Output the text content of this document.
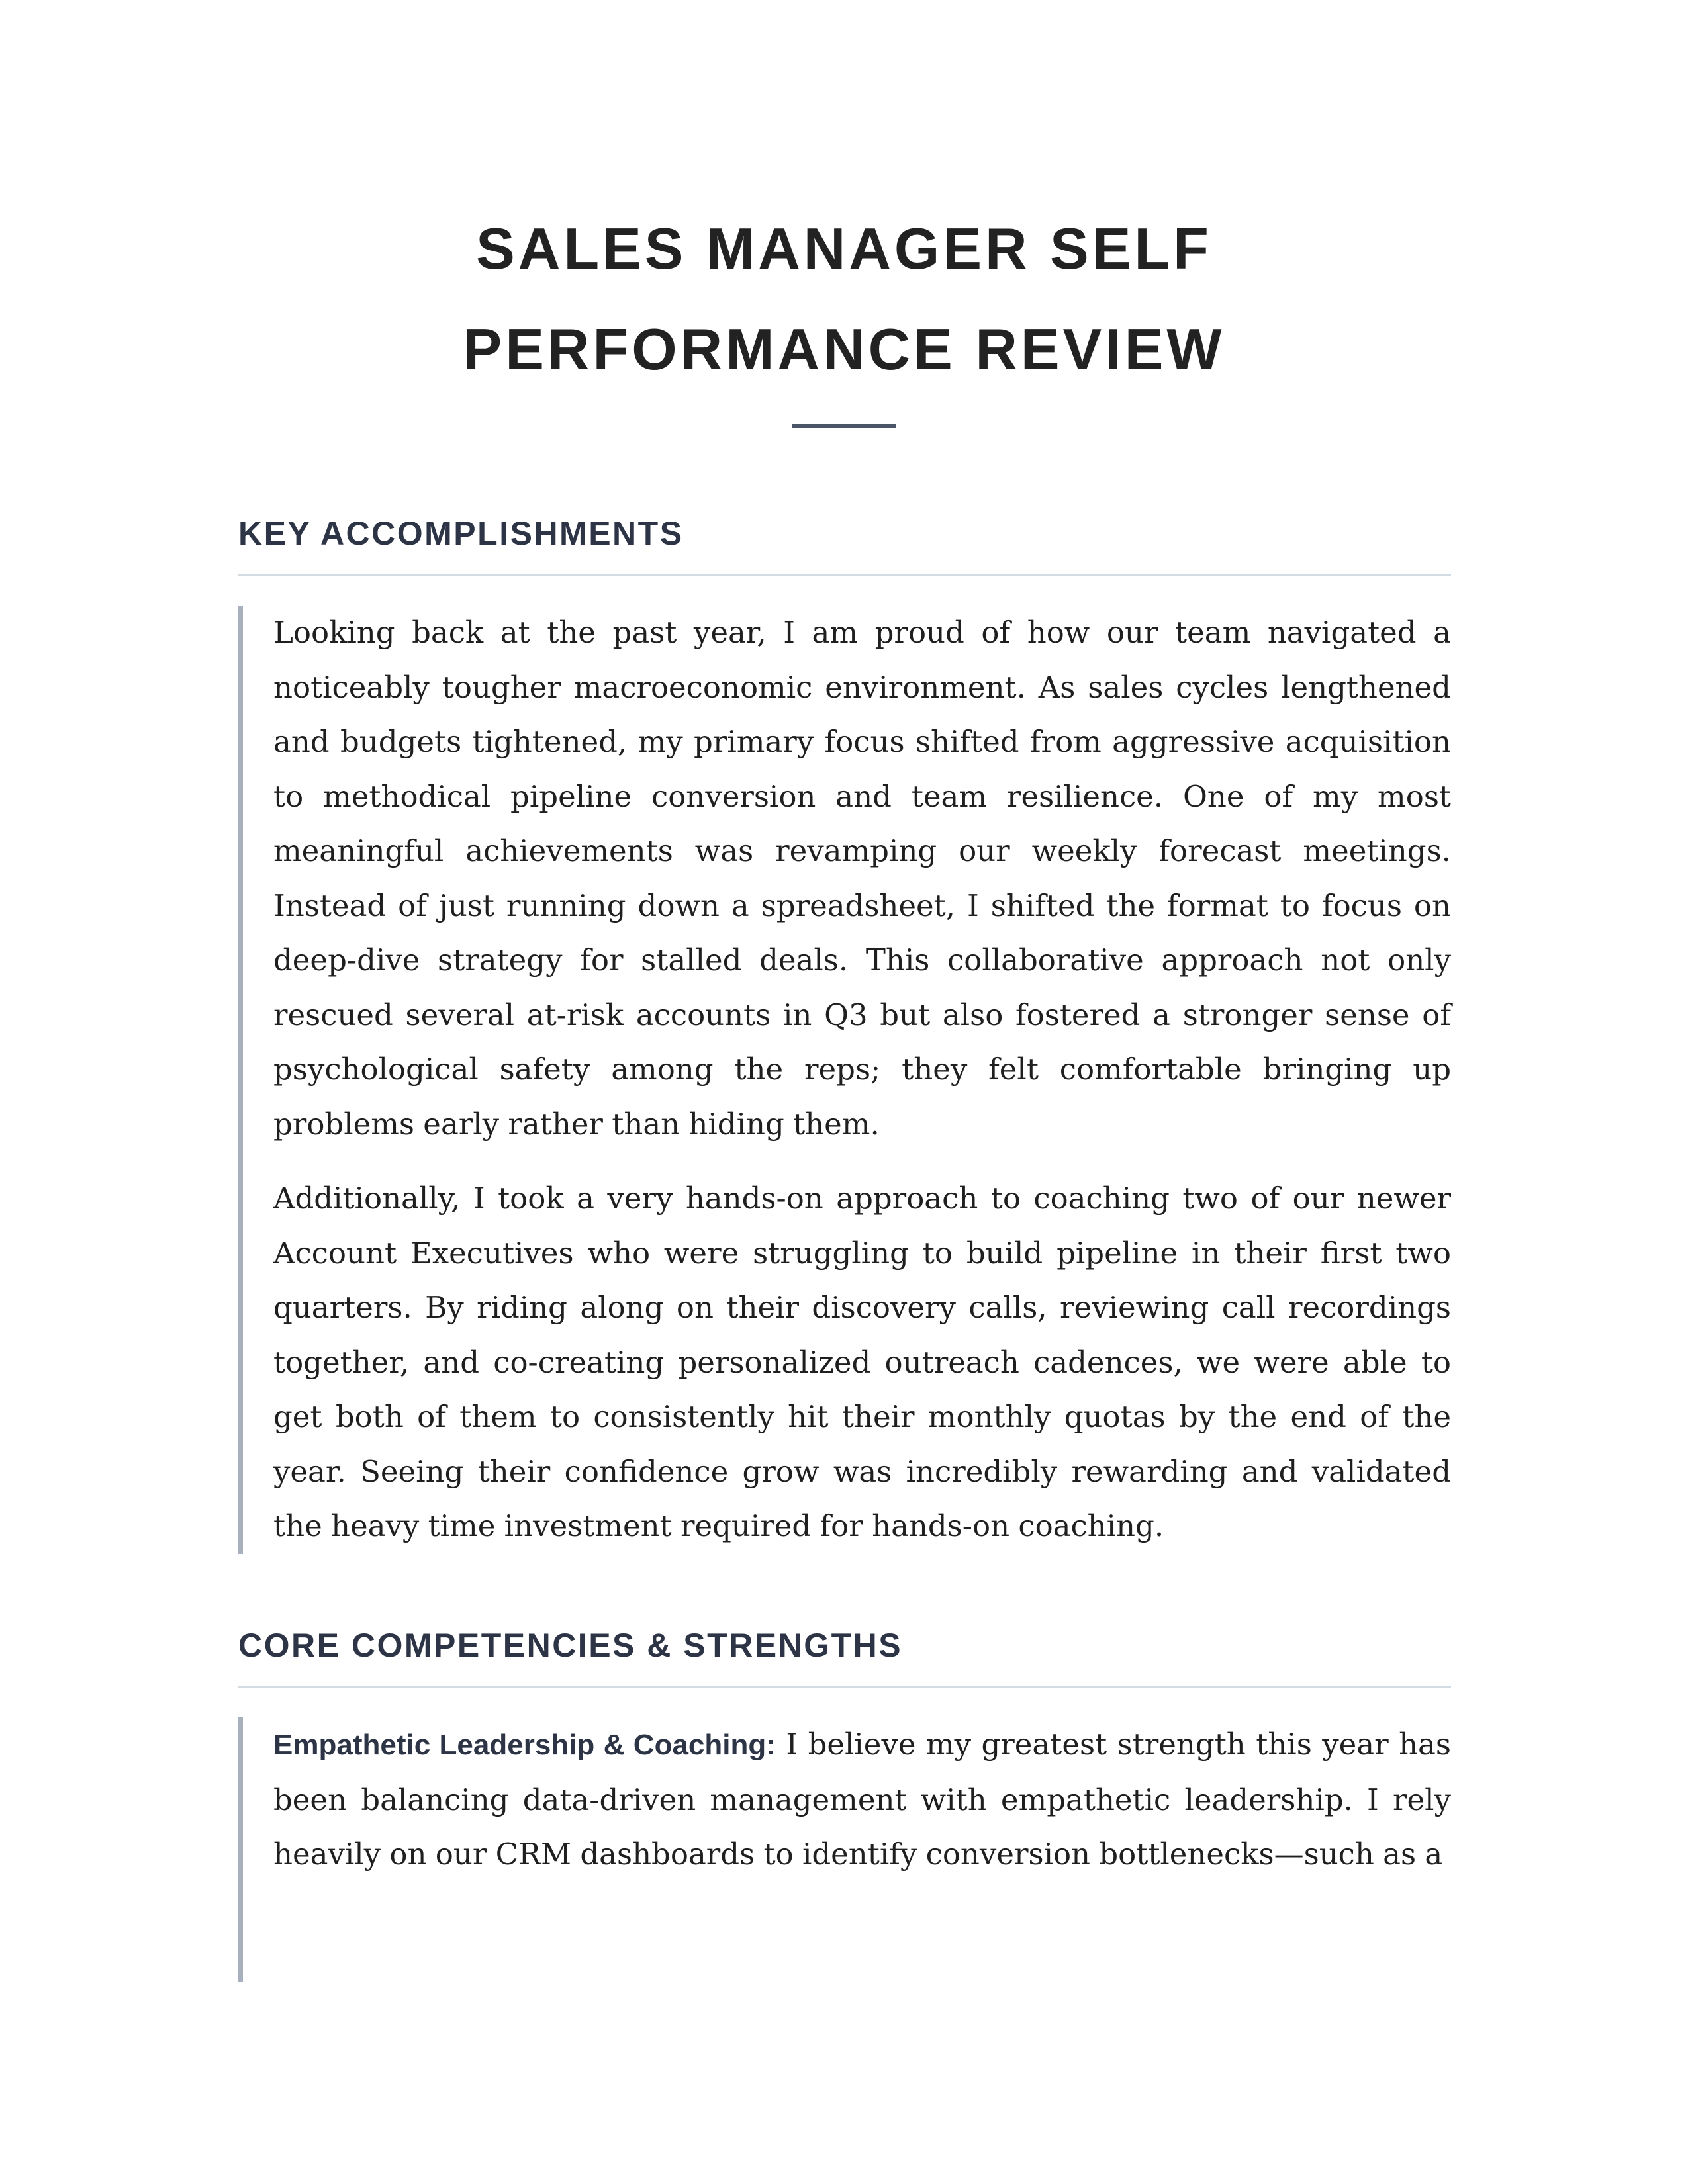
SALES MANAGER SELF
PERFORMANCE REVIEW
KEY ACCOMPLISHMENTS

Looking back at the past year, I am proud of how our team navigated a noticeably tougher macroeconomic environment. As sales cycles lengthened and budgets tightened, my primary focus shifted from aggressive acquisition to methodical pipeline conversion and team resilience. One of my most meaningful achievements was revamping our weekly forecast meetings. Instead of just running down a spreadsheet, I shifted the format to focus on deep-dive strategy for stalled deals. This collaborative approach not only rescued several at-risk accounts in Q3 but also fostered a stronger sense of psychological safety among the reps; they felt comfortable bringing up problems early rather than hiding them.

Additionally, I took a very hands-on approach to coaching two of our newer Account Executives who were struggling to build pipeline in their first two quarters. By riding along on their discovery calls, reviewing call recordings together, and co-creating personalized outreach cadences, we were able to get both of them to consistently hit their monthly quotas by the end of the year. Seeing their confidence grow was incredibly rewarding and validated the heavy time investment required for hands-on coaching.

CORE COMPETENCIES & STRENGTHS

Empathetic Leadership & Coaching: I believe my greatest strength this year has been balancing data-driven management with empathetic leadership. I rely heavily on our CRM dashboards to identify conversion bottlenecks—such as a
